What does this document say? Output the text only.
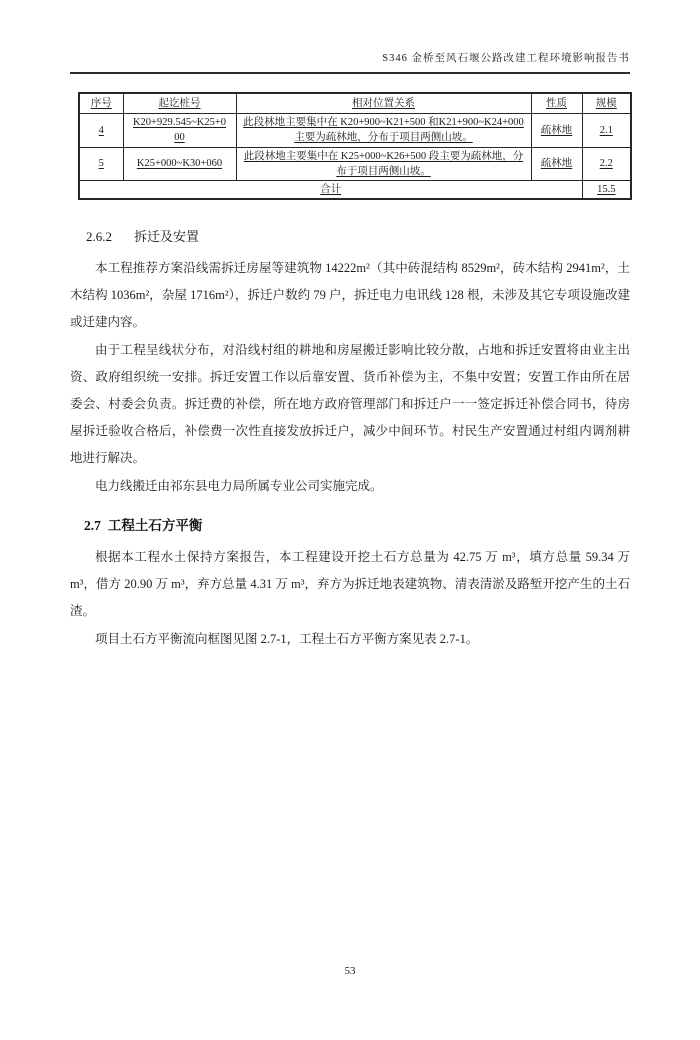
S346 金桥至风石堰公路改建工程环境影响报告书
序号	起讫桩号	相对位置关系	性质	规模
4	K20+929.545~K25+000	此段林地主要集中在 K20+900~K21+500 和K21+900~K24+000 主要为疏林地，分布于项目两侧山坡。	疏林地	2.1
5	K25+000~K30+060	此段林地主要集中在 K25+000~K26+500 段主要为疏林地，分布于项目两侧山坡。	疏林地	2.2
合计				15.5
2.6.2 拆迁及安置

本工程推荐方案沿线需拆迁房屋等建筑物 14222m²（其中砖混结构 8529m²，砖木结构 2941m²，土木结构 1036m²，杂屋 1716m²），拆迁户数约 79 户，拆迁电力电讯线 128 根，未涉及其它专项设施改建或迁建内容。

由于工程呈线状分布，对沿线村组的耕地和房屋搬迁影响比较分散，占地和拆迁安置将由业主出资、政府组织统一安排。拆迁安置工作以后靠安置、货币补偿为主，不集中安置；安置工作由所在居委会、村委会负责。拆迁费的补偿，所在地方政府管理部门和拆迁户一一签定拆迁补偿合同书，待房屋拆迁验收合格后，补偿费一次性直接发放拆迁户，减少中间环节。村民生产安置通过村组内调剂耕地进行解决。

电力线搬迁由祁东县电力局所属专业公司实施完成。

2.7 工程土石方平衡

根据本工程水土保持方案报告，本工程建设开挖土石方总量为 42.75 万 m³，填方总量 59.34 万 m³，借方 20.90 万 m³，弃方总量 4.31 万 m³，弃方为拆迁地表建筑物、清表清淤及路堑开挖产生的土石渣。

项目土石方平衡流向框图见图 2.7-1，工程土石方平衡方案见表 2.7-1。

53
